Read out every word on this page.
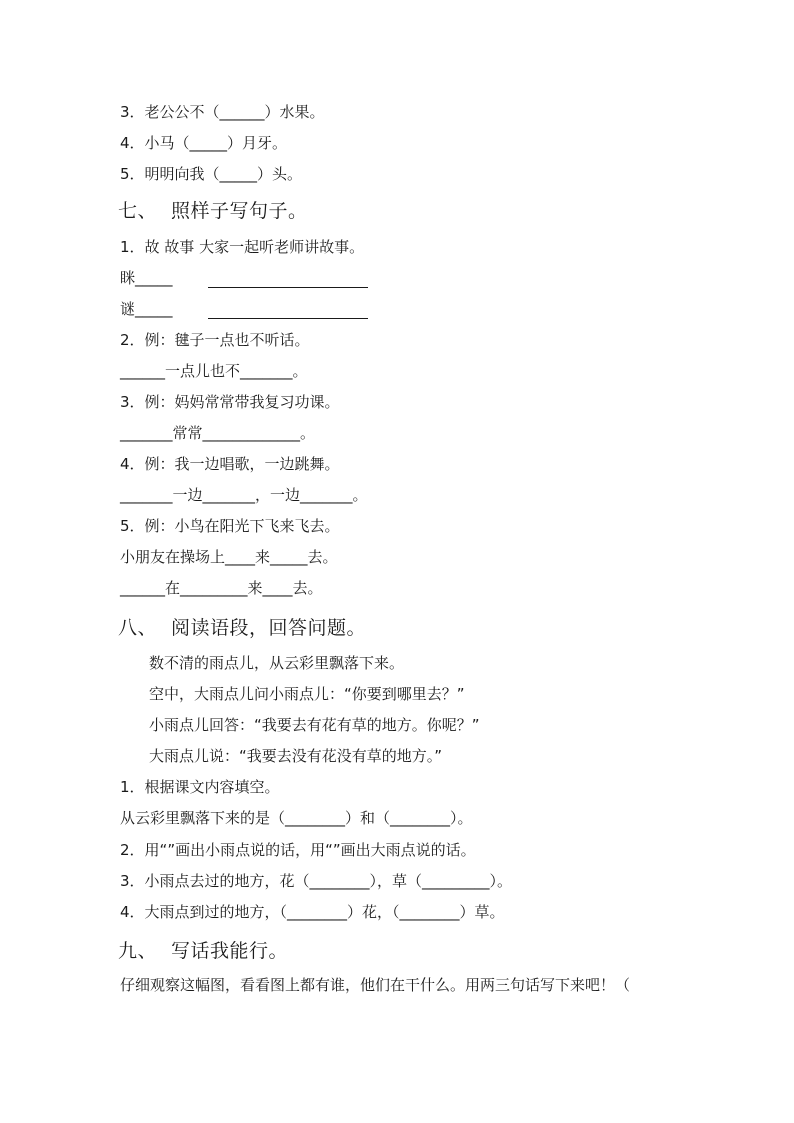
3．老公公不（______）水果。
4．小马（_____）月牙。
5．明明向我（_____）头。
七、 照样子写句子。
1．故 故事 大家一起听老师讲故事。
眯_____
谜_____
2．例：毽子一点也不听话。
______一点儿也不_______。
3．例：妈妈常常带我复习功课。
_______常常_____________。
4．例：我一边唱歌，一边跳舞。
_______一边_______，一边_______。
5．例：小鸟在阳光下飞来飞去。
小朋友在操场上____来_____去。
______在_________来____去。
八、 阅读语段，回答问题。
数不清的雨点儿，从云彩里飘落下来。
空中，大雨点儿问小雨点儿：“你要到哪里去？”
小雨点儿回答：“我要去有花有草的地方。你呢？”
大雨点儿说：“我要去没有花没有草的地方。”
1．根据课文内容填空。
从云彩里飘落下来的是（________）和（________）。
2．用“”画出小雨点说的话，用“”画出大雨点说的话。
3．小雨点去过的地方，花（________），草（_________）。
4．大雨点到过的地方，（________）花，（________）草。
九、 写话我能行。
仔细观察这幅图，看看图上都有谁，他们在干什么。用两三句话写下来吧！（
